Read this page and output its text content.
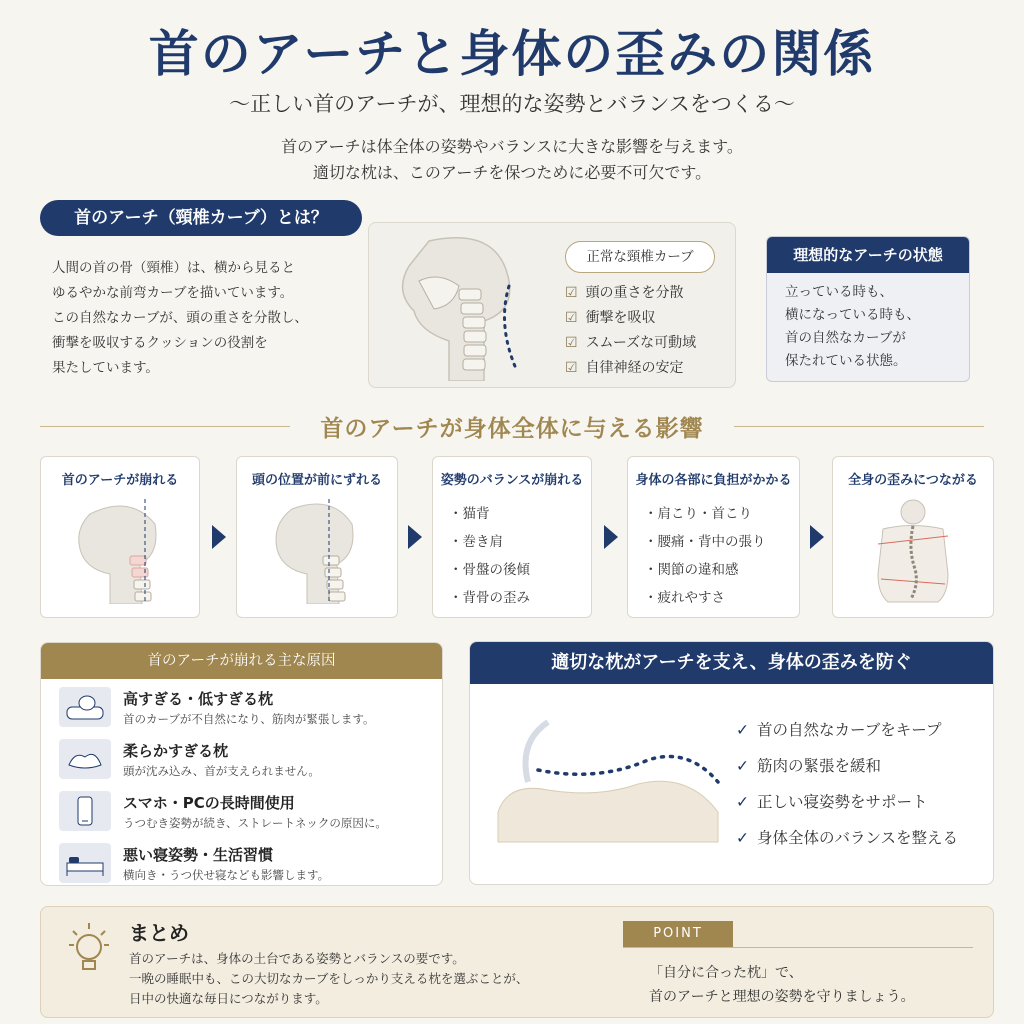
首のアーチと身体の歪みの関係
〜正しい首のアーチが、理想的な姿勢とバランスをつくる〜
首のアーチは体全体の姿勢やバランスに大きな影響を与えます。
適切な枕は、このアーチを保つために必要不可欠です。
首のアーチ（頸椎カーブ）とは？
人間の首の骨（頸椎）は、横から見ると
ゆるやかな前弯カーブを描いています。
この自然なカーブが、頭の重さを分散し、
衝撃を吸収するクッションの役割を
果たしています。
正常な頸椎カーブ
☑ 頭の重さを分散
☑ 衝撃を吸収
☑ スムーズな可動域
☑ 自律神経の安定
理想的なアーチの状態
立っている時も、
横になっている時も、
首の自然なカーブが
保たれている状態。
首のアーチが身体全体に与える影響
首のアーチが崩れる	頭の位置が前にずれる	姿勢のバランスが崩れる
・猫背
・巻き肩
・骨盤の後傾
・背骨の歪み
身体の各部に負担がかかる
・肩こり・首こり
・腰痛・背中の張り
・関節の違和感
・疲れやすさ
全身の歪みにつながる
首のアーチが崩れる主な原因
高すぎる・低すぎる枕
首のカーブが不自然になり、筋肉が緊張します。
柔らかすぎる枕
頭が沈み込み、首が支えられません。
スマホ・PCの長時間使用
うつむき姿勢が続き、ストレートネックの原因に。
悪い寝姿勢・生活習慣
横向き・うつ伏せ寝なども影響します。
適切な枕がアーチを支え、身体の歪みを防ぐ
✓ 首の自然なカーブをキープ
✓ 筋肉の緊張を緩和
✓ 正しい寝姿勢をサポート
✓ 身体全体のバランスを整える
まとめ
首のアーチは、身体の土台である姿勢とバランスの要です。
一晩の睡眠中も、この大切なカーブをしっかり支える枕を選ぶことが、
日中の快適な毎日につながります。
POINT
「自分に合った枕」で、
首のアーチと理想の姿勢を守りましょう。
